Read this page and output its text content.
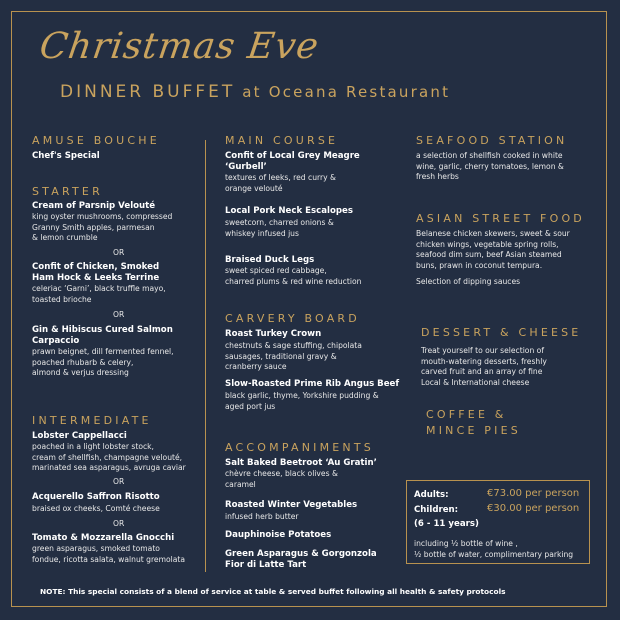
Christmas Eve
DINNER BUFFET at Oceana Restaurant
AMUSE BOUCHE
Chef's Special
STARTER
Cream of Parsnip Velouté
king oyster mushrooms, compressed
Granny Smith apples, parmesan
& lemon crumble
OR
Confit of Chicken, Smoked
Ham Hock & Leeks Terrine
celeriac ‘Garni’, black truffle mayo,
toasted brioche
OR
Gin & Hibiscus Cured Salmon
Carpaccio
prawn beignet, dill fermented fennel,
poached rhubarb & celery,
almond & verjus dressing
INTERMEDIATE
Lobster Cappellacci
poached in a light lobster stock,
cream of shellfish, champagne velouté,
marinated sea asparagus, avruga caviar
OR
Acquerello Saffron Risotto
braised ox cheeks, Comté cheese
OR
Tomato & Mozzarella Gnocchi
green asparagus, smoked tomato
fondue, ricotta salata, walnut gremolata
MAIN COURSE
Confit of Local Grey Meagre
‘Gurbell’
textures of leeks, red curry &
orange velouté
Local Pork Neck Escalopes
sweetcorn, charred onions &
whiskey infused jus
Braised Duck Legs
sweet spiced red cabbage,
charred plums & red wine reduction
CARVERY BOARD
Roast Turkey Crown
chestnuts & sage stuffing, chipolata
sausages, traditional gravy &
cranberry sauce
Slow-Roasted Prime Rib Angus Beef
black garlic, thyme, Yorkshire pudding &
aged port jus
ACCOMPANIMENTS
Salt Baked Beetroot ‘Au Gratin’
chèvre cheese, black olives &
caramel
Roasted Winter Vegetables
infused herb butter
Dauphinoise Potatoes
Green Asparagus & Gorgonzola
Fior di Latte Tart
SEAFOOD STATION
a selection of shellfish cooked in white
wine, garlic, cherry tomatoes, lemon &
fresh herbs
ASIAN STREET FOOD
Belanese chicken skewers, sweet & sour
chicken wings, vegetable spring rolls,
seafood dim sum, beef Asian steamed
buns, prawn in coconut tempura.
Selection of dipping sauces
DESSERT & CHEESE
Treat yourself to our selection of
mouth-watering desserts, freshly
carved fruit and an array of fine
Local & International cheese
COFFEE &
MINCE PIES
Adults:	€73.00 per person
Children:	€30.00 per person
(6 - 11 years)
including ½ bottle of wine ,
½ bottle of water, complimentary parking
NOTE: This special consists of a blend of service at table & served buffet following all health & safety protocols
